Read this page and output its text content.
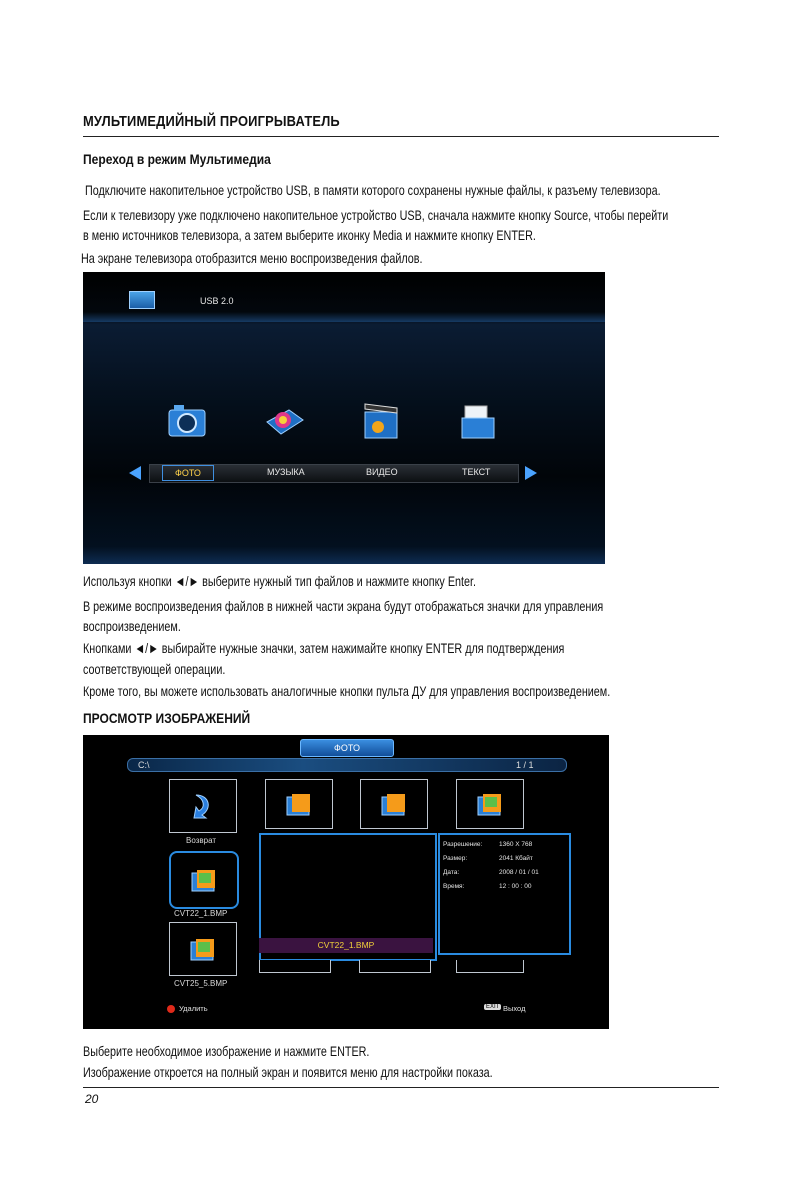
МУЛЬТИМЕДИЙНЫЙ ПРОИГРЫВАТЕЛЬ
Переход в режим Мультимедиа
Подключите накопительное устройство USB, в памяти которого сохранены нужные файлы, к разъему телевизора.
Если к телевизору уже подключено накопительное устройство USB, сначала нажмите кнопку Source, чтобы перейти
в меню источников телевизора, а затем выберите иконку Media и нажмите кнопку ENTER.
На экране телевизора отобразится меню воспроизведения файлов.
USB 2.0
ФОТО	МУЗЫКА	ВИДЕО	ТЕКСТ
Используя кнопки ◄/► выберите нужный тип файлов и нажмите кнопку Enter.
В режиме воспроизведения файлов в нижней части экрана будут отображаться значки для управления
воспроизведением.
Кнопками ◄/► выбирайте нужные значки, затем нажимайте кнопку ENTER для подтверждения
соответствующей операции.
Кроме того, вы можете использовать аналогичные кнопки пульта ДУ для управления воспроизведением.
ПРОСМОТР ИЗОБРАЖЕНИЙ
ФОТО
C:\	1 / 1
Возврат
CVT22_1.BMP
CVT25_5.BMP
CVT22_1.BMP
Разрешение:	1360 X 768
Размер:	2041 Кбайт
Дата:	2008 / 01 / 01
Время:	12 : 00 : 00
Удалить	EXIT Выход
Выберите необходимое изображение и нажмите ENTER.
Изображение откроется на полный экран и появится меню для настройки показа.
20
